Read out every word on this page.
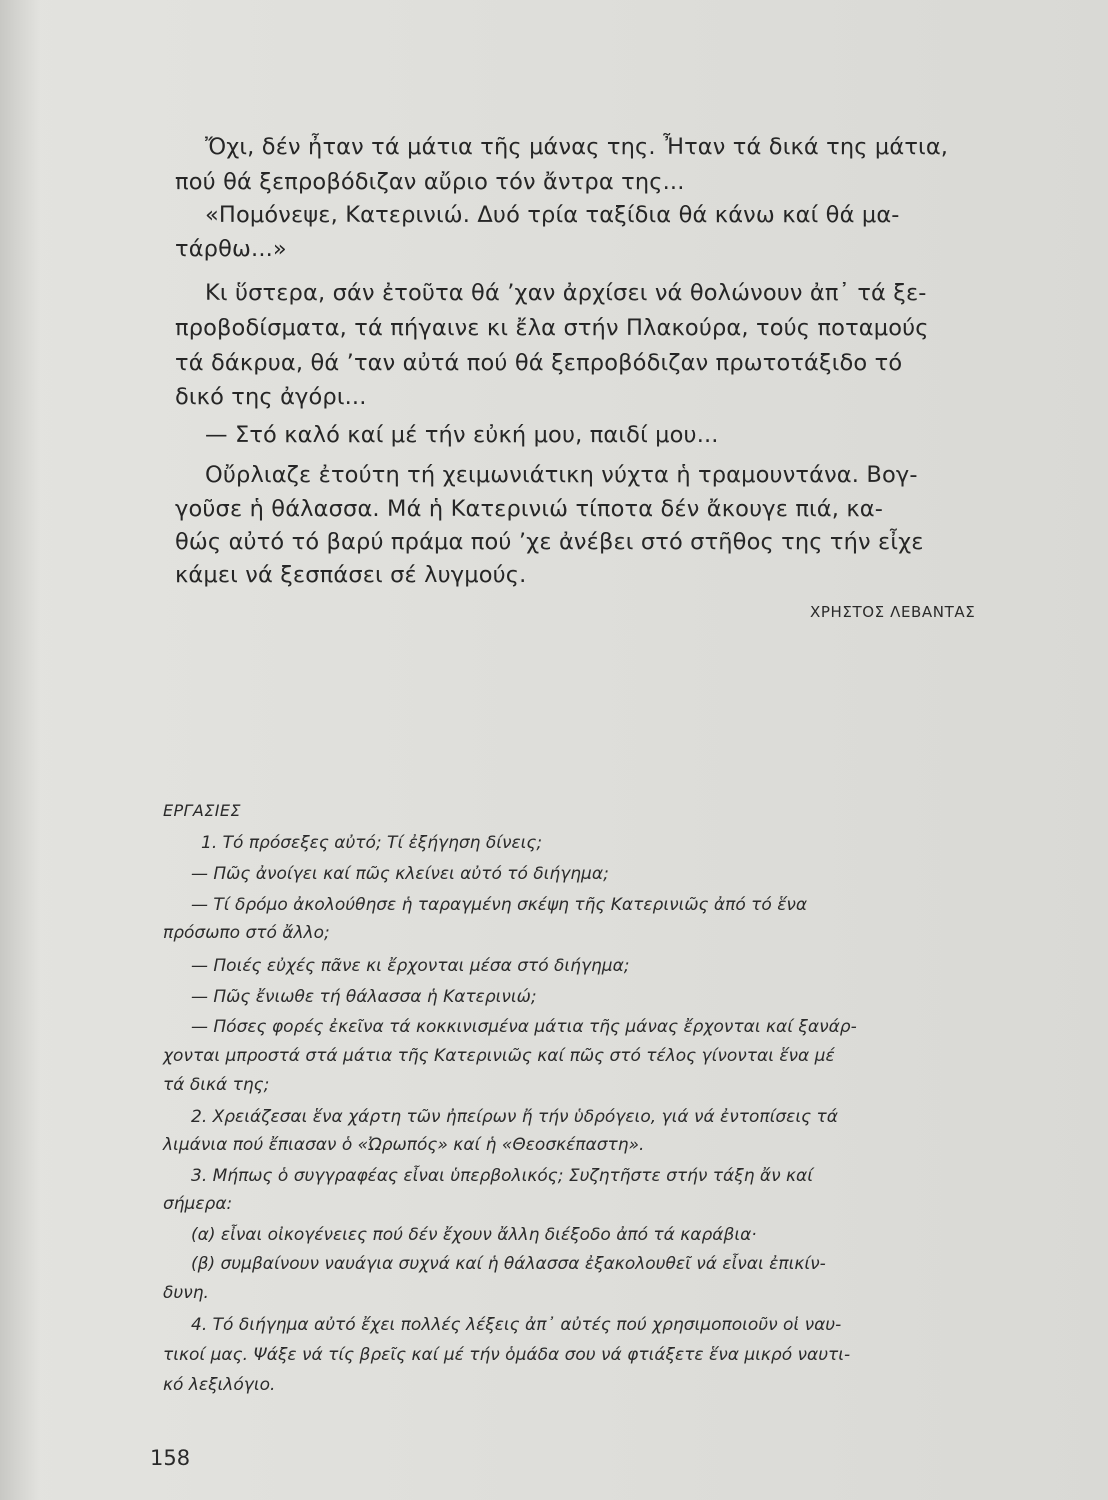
Ὄχι, δέν ἦταν τά μάτια τῆς μάνας της. Ἦταν τά δικά της μάτια,

πού θά ξεπροβόδιζαν αὔριο τόν ἄντρα της...

«Πομόνεψε, Κατερινιώ. Δυό τρία ταξίδια θά κάνω καί θά μα-

τάρθω...»

Κι ὕστερα, σάν ἐτοῦτα θά ’χαν ἀρχίσει νά θολώνουν ἀπ᾿ τά ξε-

προβοδίσματα, τά πήγαινε κι ἔλα στήν Πλακούρα, τούς ποταμούς

τά δάκρυα, θά ’ταν αὐτά πού θά ξεπροβόδιζαν πρωτοτάξιδο τό

δικό της ἀγόρι...

— Στό καλό καί μέ τήν εὐκή μου, παιδί μου...

Οὔρλιαζε ἐτούτη τή χειμωνιάτικη νύχτα ἡ τραμουντάνα. Βογ-

γοῦσε ἡ θάλασσα. Μά ἡ Κατερινιώ τίποτα δέν ἄκουγε πιά, κα-

θώς αὐτό τό βαρύ πράμα πού ’χε ἀνέβει στό στῆθος της τήν εἶχε

κάμει νά ξεσπάσει σέ λυγμούς.

ΧΡΗΣΤΟΣ ΛΕΒΑΝΤΑΣ

ΕΡΓΑΣΙΕΣ

1. Τό πρόσεξες αὐτό; Τί ἐξήγηση δίνεις;

— Πῶς ἀνοίγει καί πῶς κλείνει αὐτό τό διήγημα;

— Τί δρόμο ἀκολούθησε ἡ ταραγμένη σκέψη τῆς Κατερινιῶς ἀπό τό ἕνα

πρόσωπο στό ἄλλο;

— Ποιές εὐχές πᾶνε κι ἔρχονται μέσα στό διήγημα;

— Πῶς ἔνιωθε τή θάλασσα ἡ Κατερινιώ;

— Πόσες φορές ἐκεῖνα τά κοκκινισμένα μάτια τῆς μάνας ἔρχονται καί ξανάρ-

χονται μπροστά στά μάτια τῆς Κατερινιῶς καί πῶς στό τέλος γίνονται ἕνα μέ

τά δικά της;

2. Χρειάζεσαι ἕνα χάρτη τῶν ἠπείρων ἤ τήν ὑδρόγειο, γιά νά ἐντοπίσεις τά

λιμάνια πού ἔπιασαν ὁ «Ὠρωπός» καί ἡ «Θεοσκέπαστη».

3. Μήπως ὁ συγγραφέας εἶναι ὑπερβολικός; Συζητῆστε στήν τάξη ἄν καί

σήμερα:

(α) εἶναι οἰκογένειες πού δέν ἔχουν ἄλλη διέξοδο ἀπό τά καράβια·

(β) συμβαίνουν ναυάγια συχνά καί ἡ θάλασσα ἐξακολουθεῖ νά εἶναι ἐπικίν-

δυνη.

4. Τό διήγημα αὐτό ἔχει πολλές λέξεις ἀπ᾿ αὐτές πού χρησιμοποιοῦν οἱ ναυ-

τικοί μας. Ψάξε νά τίς βρεῖς καί μέ τήν ὁμάδα σου νά φτιάξετε ἕνα μικρό ναυτι-

κό λεξιλόγιο.

158
